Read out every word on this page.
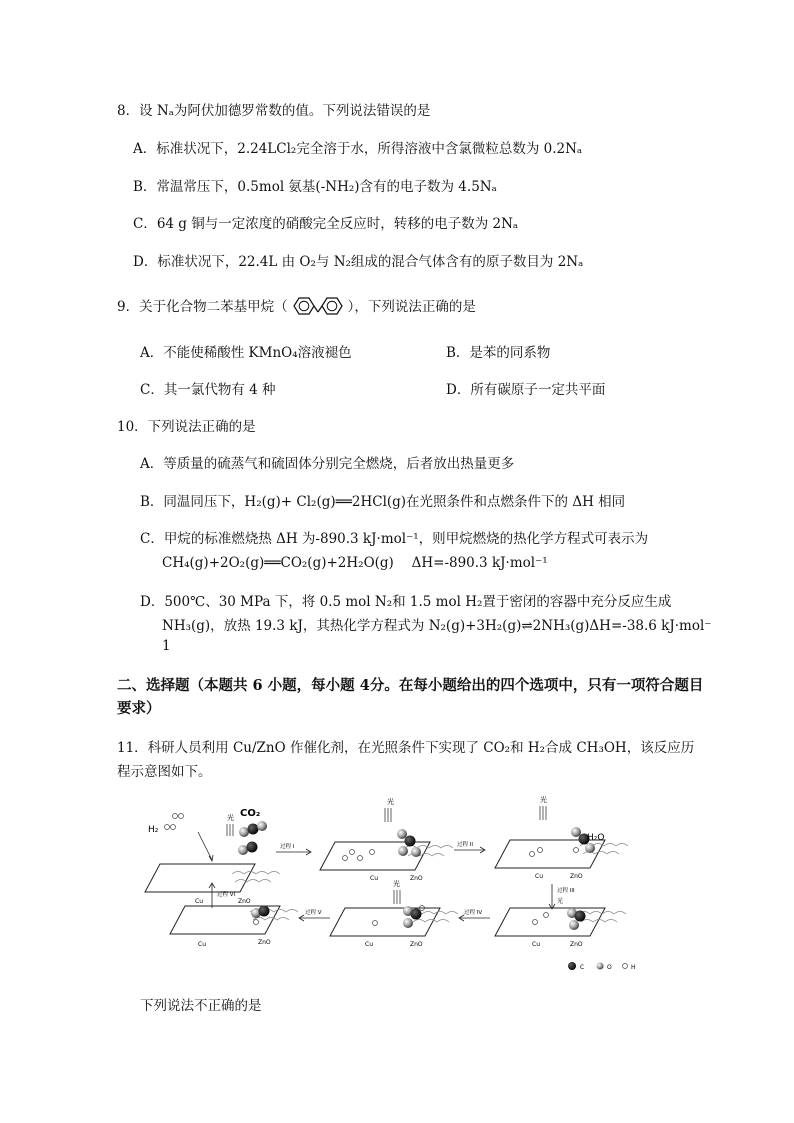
8．设 Nₐ为阿伏加德罗常数的值。下列说法错误的是
A．标准状况下，2.24LCl₂完全溶于水，所得溶液中含氯微粒总数为 0.2Nₐ
B．常温常压下，0.5mol 氨基(-NH₂)含有的电子数为 4.5Nₐ
C．64 g 铜与一定浓度的硝酸完全反应时，转移的电子数为 2Nₐ
D．标准状况下，22.4L 由 O₂与 N₂组成的混合气体含有的原子数目为 2Nₐ
9．关于化合物二苯基甲烷（	），下列说法正确的是
A．不能使稀酸性 KMnO₄溶液褪色	B．是苯的同系物
C．其一氯代物有 4 种	D．所有碳原子一定共平面
10．下列说法正确的是
A．等质量的硫蒸气和硫固体分别完全燃烧，后者放出热量更多
B．同温同压下，H₂(g)+ Cl₂(g)══2HCl(g)在光照条件和点燃条件下的 ΔH 相同
C．甲烷的标准燃烧热 ΔH 为-890.3 kJ·mol⁻¹，则甲烷燃烧的热化学方程式可表示为
CH₄(g)+2O₂(g)══CO₂(g)+2H₂O(g)　 ΔH=-890.3 kJ·mol⁻¹
D．500℃、30 MPa 下，将 0.5 mol N₂和 1.5 mol H₂置于密闭的容器中充分反应生成
NH₃(g)，放热 19.3 kJ，其热化学方程式为 N₂(g)+3H₂(g)⇌2NH₃(g)ΔH=-38.6 kJ·mol⁻
1
二、选择题（本题共 6 小题，每小题 4分。在每小题给出的四个选项中，只有一项符合题目
要求）
11．科研人员利用 Cu/ZnO 作催化剂，在光照条件下实现了 CO₂和 H₂合成 CH₃OH，该反应历
程示意图如下。
H₂
CO₂
光
Cu	ZnO
过程 I
光
Cu	ZnO
过程 II
H₂O
光
Cu	ZnO
过程 III
光
过程 VI
Cu	ZnO
过程 V
光
Cu	ZnO
过程 IV
Cu	ZnO
C	O	H
下列说法不正确的是
